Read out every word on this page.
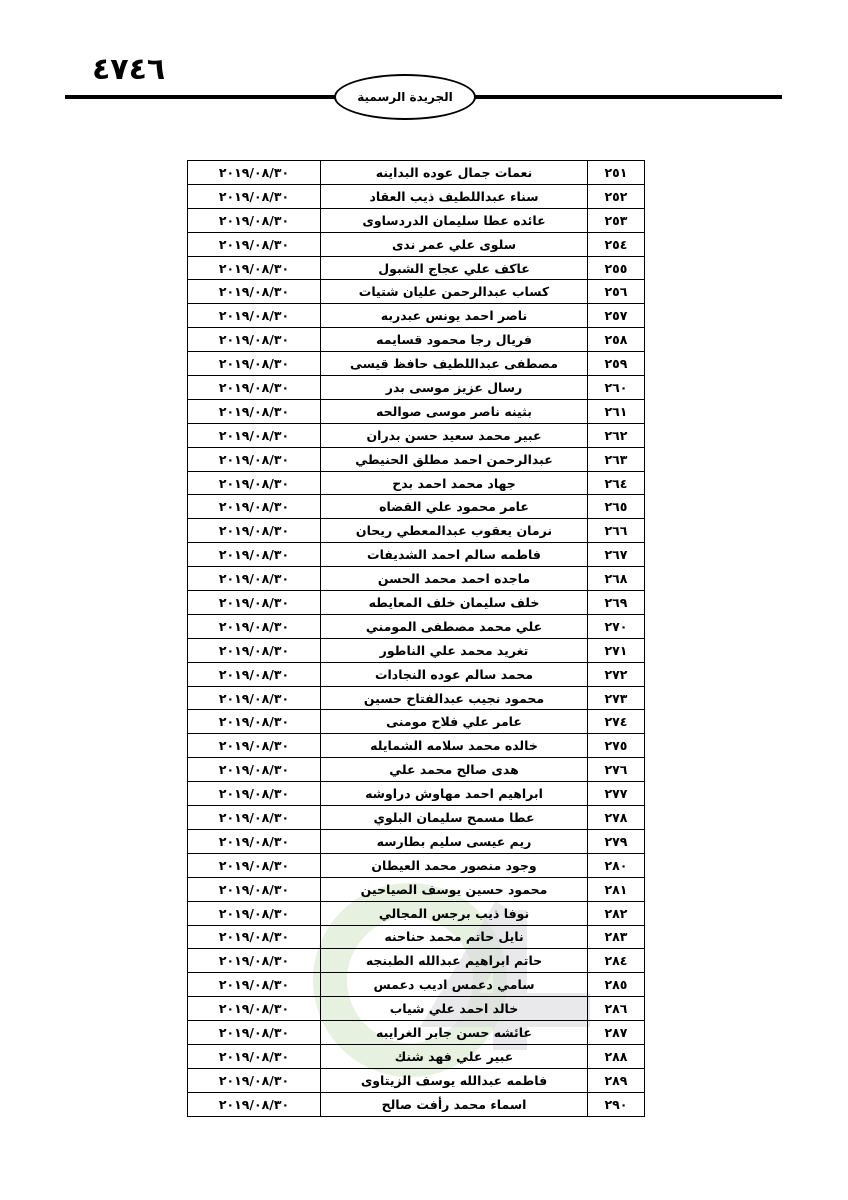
٤٧٤٦
الجريدة الرسمية
٢٥١	نعمات جمال عوده البداينه	٢٠١٩/٠٨/٣٠
٢٥٢	سناء عبداللطيف ذيب العقاد	٢٠١٩/٠٨/٣٠
٢٥٣	عائده عطا سليمان الدردساوى	٢٠١٩/٠٨/٣٠
٢٥٤	سلوى علي عمر ندى	٢٠١٩/٠٨/٣٠
٢٥٥	عاكف علي عجاج الشبول	٢٠١٩/٠٨/٣٠
٢٥٦	كساب عبدالرحمن عليان شتيات	٢٠١٩/٠٨/٣٠
٢٥٧	ناصر احمد يونس عبدربه	٢٠١٩/٠٨/٣٠
٢٥٨	فريال رجا محمود قسايمه	٢٠١٩/٠٨/٣٠
٢٥٩	مصطفى عبداللطيف حافظ قيسى	٢٠١٩/٠٨/٣٠
٢٦٠	رسال عزيز موسى بدر	٢٠١٩/٠٨/٣٠
٢٦١	بثينه ناصر موسى صوالحه	٢٠١٩/٠٨/٣٠
٢٦٢	عبير محمد سعيد حسن بدران	٢٠١٩/٠٨/٣٠
٢٦٣	عبدالرحمن احمد مطلق الحنيطي	٢٠١٩/٠٨/٣٠
٢٦٤	جهاد محمد احمد بدح	٢٠١٩/٠٨/٣٠
٢٦٥	عامر محمود علي القضاه	٢٠١٩/٠٨/٣٠
٢٦٦	نرمان يعقوب عبدالمعطي ريحان	٢٠١٩/٠٨/٣٠
٢٦٧	فاطمه سالم احمد الشديفات	٢٠١٩/٠٨/٣٠
٢٦٨	ماجده احمد محمد الحسن	٢٠١٩/٠٨/٣٠
٢٦٩	خلف سليمان خلف المعايطه	٢٠١٩/٠٨/٣٠
٢٧٠	علي محمد مصطفى المومني	٢٠١٩/٠٨/٣٠
٢٧١	تغريد محمد علي الناطور	٢٠١٩/٠٨/٣٠
٢٧٢	محمد سالم عوده النجادات	٢٠١٩/٠٨/٣٠
٢٧٣	محمود نجيب عبدالفتاح حسين	٢٠١٩/٠٨/٣٠
٢٧٤	عامر علي فلاح مومنى	٢٠١٩/٠٨/٣٠
٢٧٥	خالده محمد سلامه الشمايله	٢٠١٩/٠٨/٣٠
٢٧٦	هدى صالح محمد علي	٢٠١٩/٠٨/٣٠
٢٧٧	ابراهيم احمد مهاوش دراوشه	٢٠١٩/٠٨/٣٠
٢٧٨	عطا مسمح سليمان البلوي	٢٠١٩/٠٨/٣٠
٢٧٩	ريم عيسى سليم بطارسه	٢٠١٩/٠٨/٣٠
٢٨٠	وجود منصور محمد العيطان	٢٠١٩/٠٨/٣٠
٢٨١	محمود حسين يوسف الصياحين	٢٠١٩/٠٨/٣٠
٢٨٢	نوفا ذيب برجس المجالي	٢٠١٩/٠٨/٣٠
٢٨٣	نايل حاتم محمد حناحنه	٢٠١٩/٠٨/٣٠
٢٨٤	حاتم ابراهيم عبدالله الطبنجه	٢٠١٩/٠٨/٣٠
٢٨٥	سامي دعمس اديب دعمس	٢٠١٩/٠٨/٣٠
٢٨٦	خالد احمد علي شياب	٢٠١٩/٠٨/٣٠
٢٨٧	عائشه حسن جابر الغرايبه	٢٠١٩/٠٨/٣٠
٢٨٨	عبير علي فهد شنك	٢٠١٩/٠٨/٣٠
٢٨٩	فاطمه عبدالله يوسف الزيتاوى	٢٠١٩/٠٨/٣٠
٢٩٠	اسماء محمد رأفت صالح	٢٠١٩/٠٨/٣٠
